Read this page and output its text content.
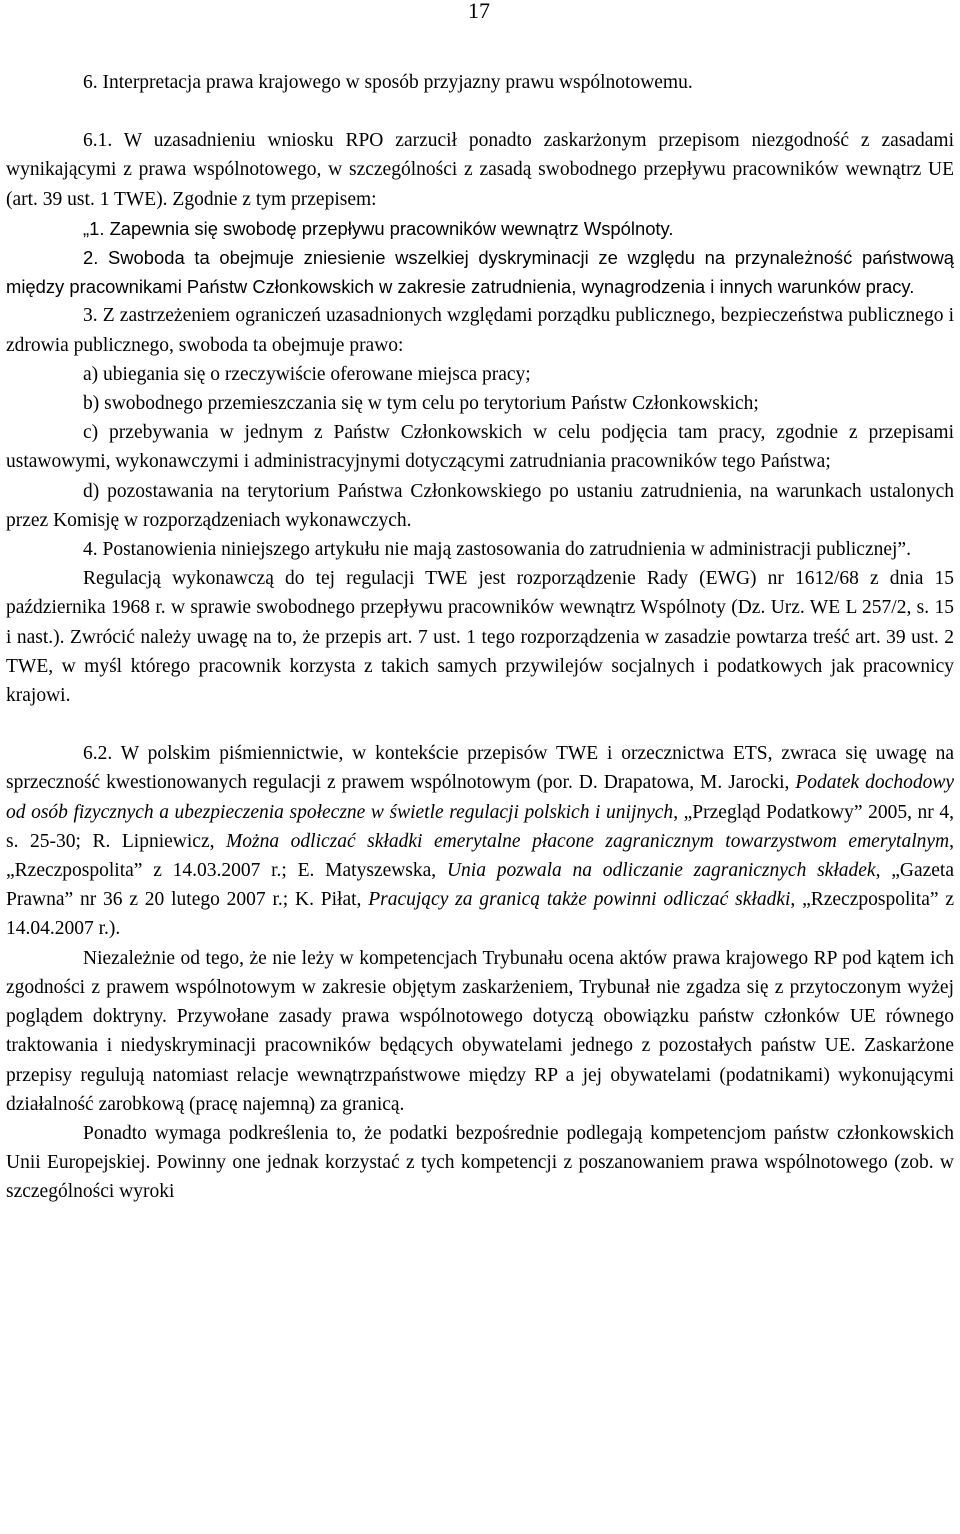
17

6. Interpretacja prawa krajowego w sposób przyjazny prawu wspólnotowemu.

6.1. W uzasadnieniu wniosku RPO zarzucił ponadto zaskarżonym przepisom niezgodność z zasadami wynikającymi z prawa wspólnotowego, w szczególności z zasadą swobodnego przepływu pracowników wewnątrz UE (art. 39 ust. 1 TWE). Zgodnie z tym przepisem:

„1. Zapewnia się swobodę przepływu pracowników wewnątrz Wspólnoty.

2. Swoboda ta obejmuje zniesienie wszelkiej dyskryminacji ze względu na przynależność państwową między pracownikami Państw Członkowskich w zakresie zatrudnienia, wynagrodzenia i innych warunków pracy.

3. Z zastrzeżeniem ograniczeń uzasadnionych względami porządku publicznego, bezpieczeństwa publicznego i zdrowia publicznego, swoboda ta obejmuje prawo:

a) ubiegania się o rzeczywiście oferowane miejsca pracy;

b) swobodnego przemieszczania się w tym celu po terytorium Państw Członkowskich;

c) przebywania w jednym z Państw Członkowskich w celu podjęcia tam pracy, zgodnie z przepisami ustawowymi, wykonawczymi i administracyjnymi dotyczącymi zatrudniania pracowników tego Państwa;

d) pozostawania na terytorium Państwa Członkowskiego po ustaniu zatrudnienia, na warunkach ustalonych przez Komisję w rozporządzeniach wykonawczych.

4. Postanowienia niniejszego artykułu nie mają zastosowania do zatrudnienia w administracji publicznej”.

Regulacją wykonawczą do tej regulacji TWE jest rozporządzenie Rady (EWG) nr 1612/68 z dnia 15 października 1968 r. w sprawie swobodnego przepływu pracowników wewnątrz Wspólnoty (Dz. Urz. WE L 257/2, s. 15 i nast.). Zwrócić należy uwagę na to, że przepis art. 7 ust. 1 tego rozporządzenia w zasadzie powtarza treść art. 39 ust. 2 TWE, w myśl którego pracownik korzysta z takich samych przywilejów socjalnych i podatkowych jak pracownicy krajowi.

6.2. W polskim piśmiennictwie, w kontekście przepisów TWE i orzecznictwa ETS, zwraca się uwagę na sprzeczność kwestionowanych regulacji z prawem wspólnotowym (por. D. Drapatowa, M. Jarocki, Podatek dochodowy od osób fizycznych a ubezpieczenia społeczne w świetle regulacji polskich i unijnych, „Przegląd Podatkowy” 2005, nr 4, s. 25-30; R. Lipniewicz, Można odliczać składki emerytalne płacone zagranicznym towarzystwom emerytalnym, „Rzeczpospolita” z 14.03.2007 r.; E. Matyszewska, Unia pozwala na odliczanie zagranicznych składek, „Gazeta Prawna” nr 36 z 20 lutego 2007 r.; K. Piłat, Pracujący za granicą także powinni odliczać składki, „Rzeczpospolita” z 14.04.2007 r.).

Niezależnie od tego, że nie leży w kompetencjach Trybunału ocena aktów prawa krajowego RP pod kątem ich zgodności z prawem wspólnotowym w zakresie objętym zaskarżeniem, Trybunał nie zgadza się z przytoczonym wyżej poglądem doktryny. Przywołane zasady prawa wspólnotowego dotyczą obowiązku państw członków UE równego traktowania i niedyskryminacji pracowników będących obywatelami jednego z pozostałych państw UE. Zaskarżone przepisy regulują natomiast relacje wewnątrzpaństwowe między RP a jej obywatelami (podatnikami) wykonującymi działalność zarobkową (pracę najemną) za granicą.

Ponadto wymaga podkreślenia to, że podatki bezpośrednie podlegają kompetencjom państw członkowskich Unii Europejskiej. Powinny one jednak korzystać z tych kompetencji z poszanowaniem prawa wspólnotowego (zob. w szczególności wyroki
